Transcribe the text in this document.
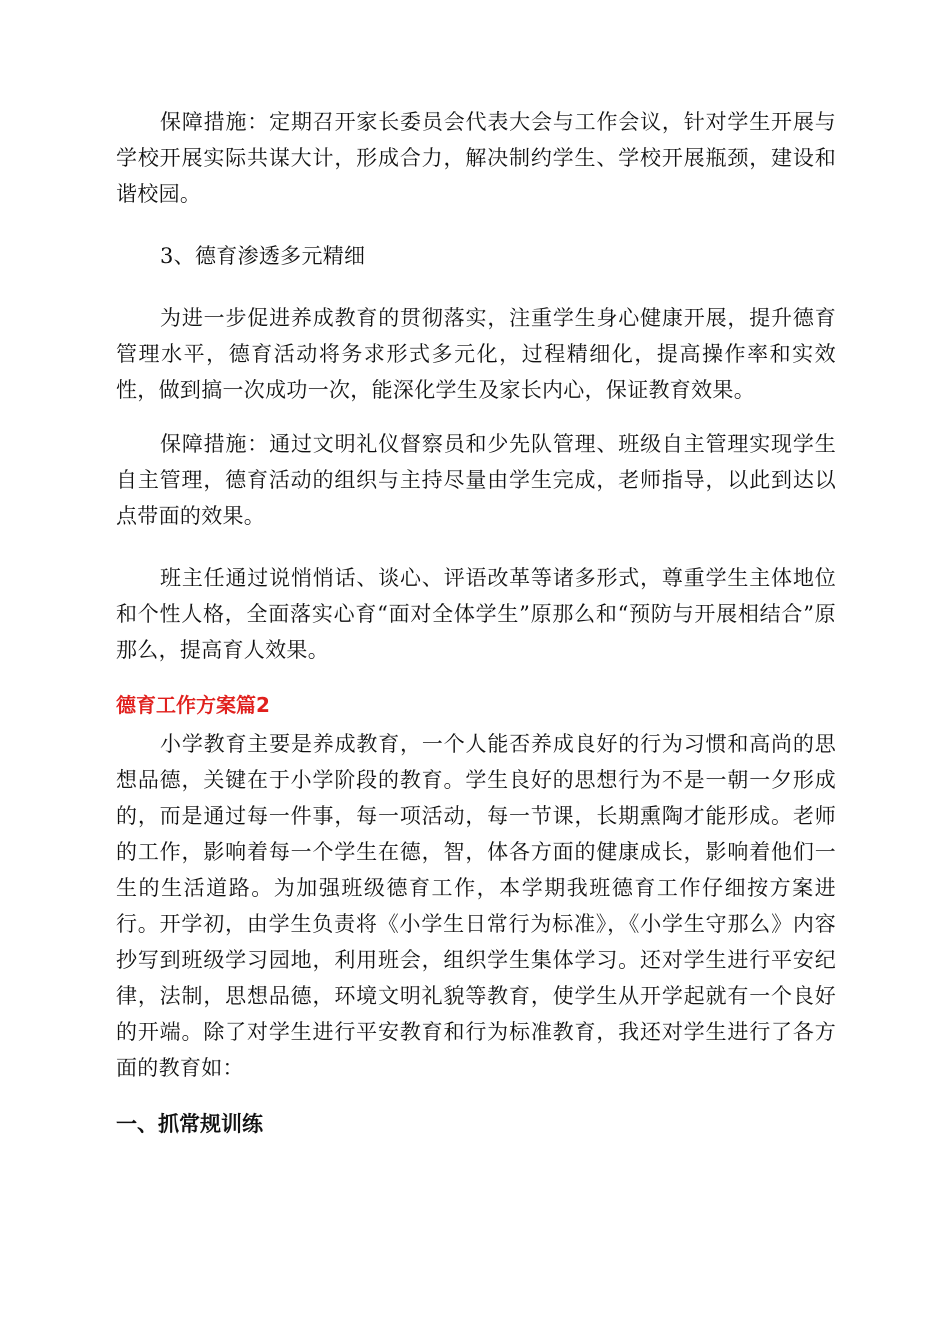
保障措施：定期召开家长委员会代表大会与工作会议，针对学生开展与学校开展实际共谋大计，形成合力，解决制约学生、学校开展瓶颈，建设和谐校园。

3、德育渗透多元精细

为进一步促进养成教育的贯彻落实，注重学生身心健康开展，提升德育管理水平，德育活动将务求形式多元化，过程精细化，提高操作率和实效性，做到搞一次成功一次，能深化学生及家长内心，保证教育效果。

保障措施：通过文明礼仪督察员和少先队管理、班级自主管理实现学生自主管理，德育活动的组织与主持尽量由学生完成，老师指导，以此到达以点带面的效果。

班主任通过说悄悄话、谈心、评语改革等诸多形式，尊重学生主体地位和个性人格，全面落实心育“面对全体学生”原那么和“预防与开展相结合”原那么，提高育人效果。

德育工作方案篇2

小学教育主要是养成教育，一个人能否养成良好的行为习惯和高尚的思想品德，关键在于小学阶段的教育。学生良好的思想行为不是一朝一夕形成的，而是通过每一件事，每一项活动，每一节课，长期熏陶才能形成。老师的工作，影响着每一个学生在德，智，体各方面的健康成长，影响着他们一生的生活道路。为加强班级德育工作，本学期我班德育工作仔细按方案进行。开学初，由学生负责将《小学生日常行为标准》，《小学生守那么》内容抄写到班级学习园地，利用班会，组织学生集体学习。还对学生进行平安纪律，法制，思想品德，环境文明礼貌等教育，使学生从开学起就有一个良好的开端。除了对学生进行平安教育和行为标准教育，我还对学生进行了各方面的教育如：

一、抓常规训练
